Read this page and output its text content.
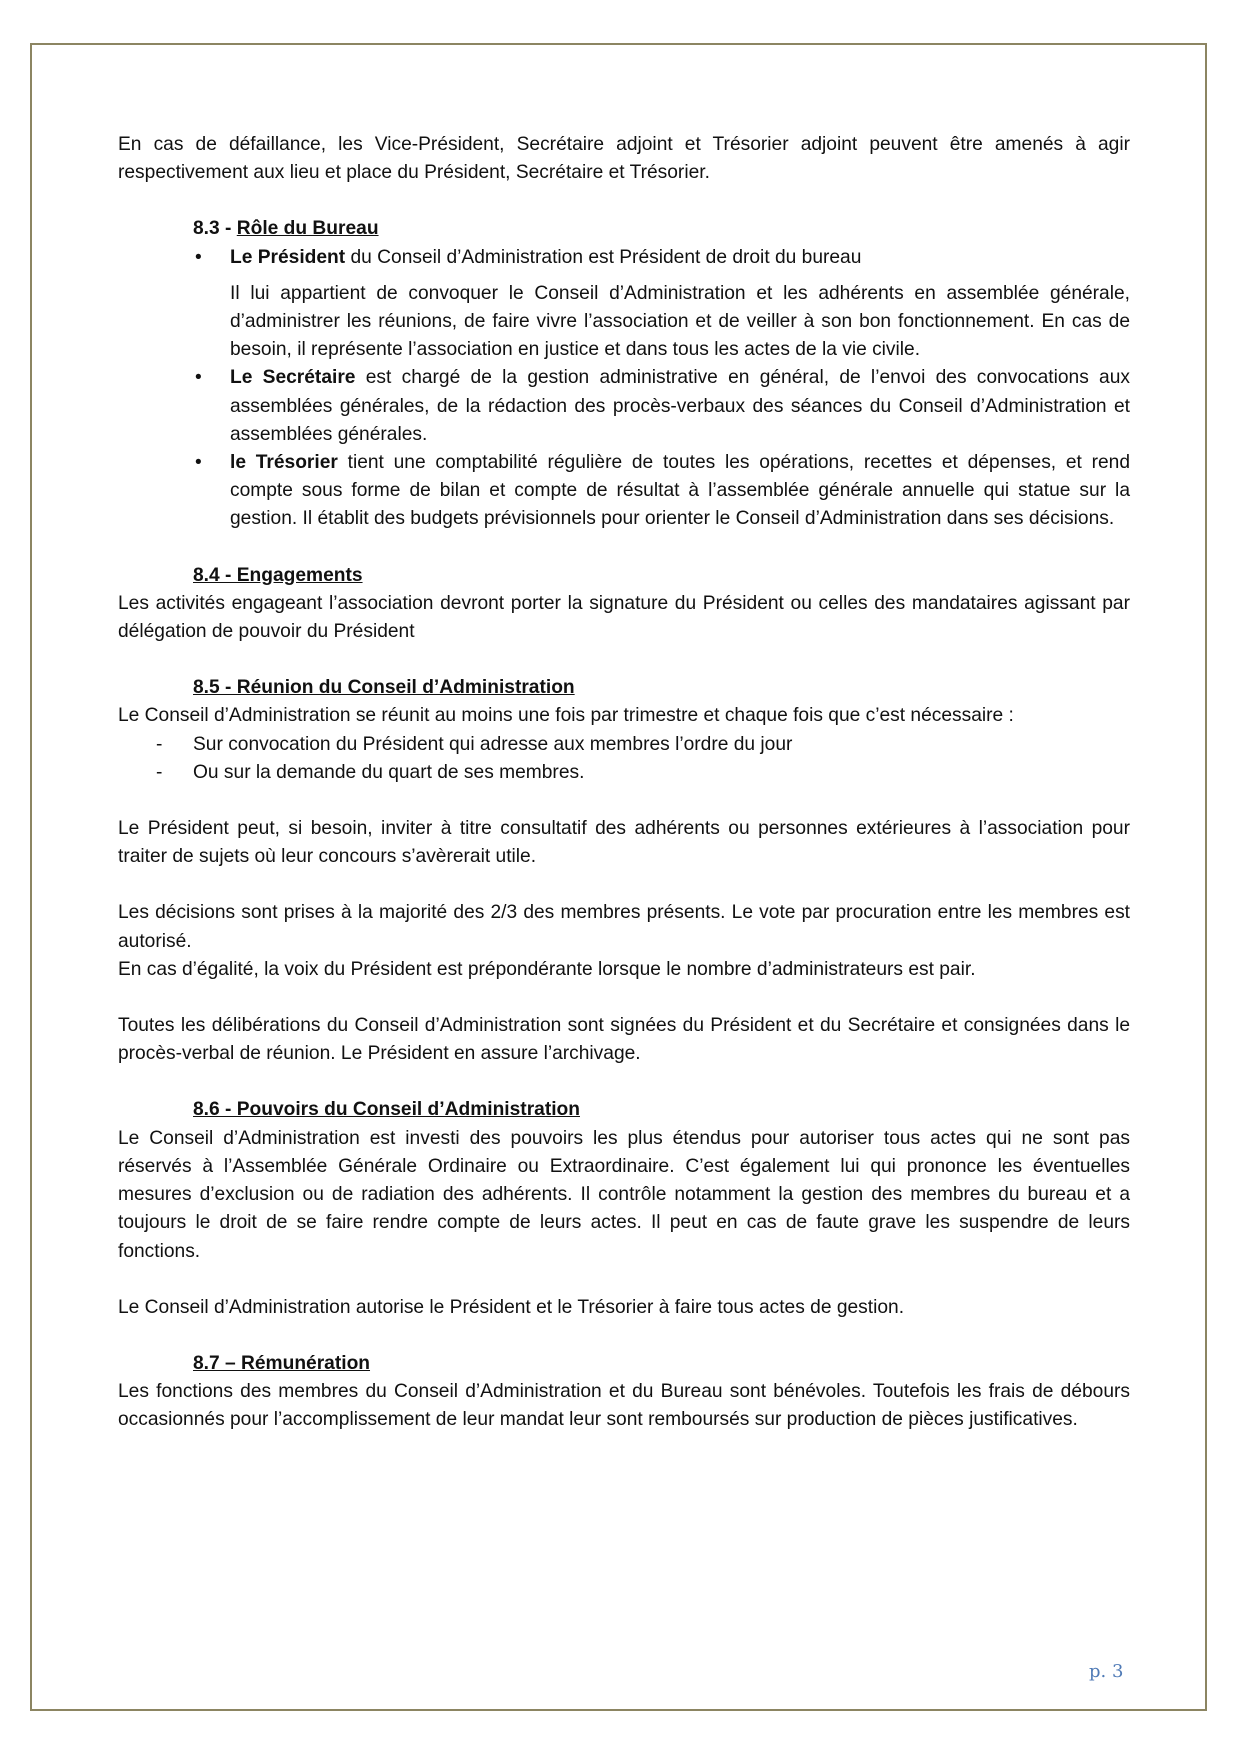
En cas de défaillance, les Vice-Président, Secrétaire adjoint et Trésorier adjoint peuvent être amenés à agir respectivement aux lieu et place du Président, Secrétaire et Trésorier.

8.3 - Rôle du Bureau

• Le Président du Conseil d’Administration est Président de droit du bureau

Il lui appartient de convoquer le Conseil d’Administration et les adhérents en assemblée générale, d’administrer les réunions, de faire vivre l’association et de veiller à son bon fonctionnement. En cas de besoin, il représente l’association en justice et dans tous les actes de la vie civile.

• Le Secrétaire est chargé de la gestion administrative en général, de l’envoi des convocations aux assemblées générales, de la rédaction des procès-verbaux des séances du Conseil d’Administration et assemblées générales.

• le Trésorier tient une comptabilité régulière de toutes les opérations, recettes et dépenses, et rend compte sous forme de bilan et compte de résultat à l’assemblée générale annuelle qui statue sur la gestion. Il établit des budgets prévisionnels pour orienter le Conseil d’Administration dans ses décisions.

8.4 - Engagements

Les activités engageant l’association devront porter la signature du Président ou celles des mandataires agissant par délégation de pouvoir du Président

8.5 - Réunion du Conseil d’Administration

Le Conseil d’Administration se réunit au moins une fois par trimestre et chaque fois que c’est nécessaire :

- Sur convocation du Président qui adresse aux membres l’ordre du jour
- Ou sur la demande du quart de ses membres.

Le Président peut, si besoin, inviter à titre consultatif des adhérents ou personnes extérieures à l’association pour traiter de sujets où leur concours s’avèrerait utile.

Les décisions sont prises à la majorité des 2/3 des membres présents. Le vote par procuration entre les membres est autorisé.

En cas d’égalité, la voix du Président est prépondérante lorsque le nombre d’administrateurs est pair.

Toutes les délibérations du Conseil d’Administration sont signées du Président et du Secrétaire et consignées dans le procès-verbal de réunion. Le Président en assure l’archivage.

8.6 - Pouvoirs du Conseil d’Administration

Le Conseil d’Administration est investi des pouvoirs les plus étendus pour autoriser tous actes qui ne sont pas réservés à l’Assemblée Générale Ordinaire ou Extraordinaire. C’est également lui qui prononce les éventuelles mesures d’exclusion ou de radiation des adhérents. Il contrôle notamment la gestion des membres du bureau et a toujours le droit de se faire rendre compte de leurs actes. Il peut en cas de faute grave les suspendre de leurs fonctions.

Le Conseil d’Administration autorise le Président et le Trésorier à faire tous actes de gestion.

8.7 – Rémunération

Les fonctions des membres du Conseil d’Administration et du Bureau sont bénévoles. Toutefois les frais de débours occasionnés pour l’accomplissement de leur mandat leur sont remboursés sur production de pièces justificatives.

p. 3
